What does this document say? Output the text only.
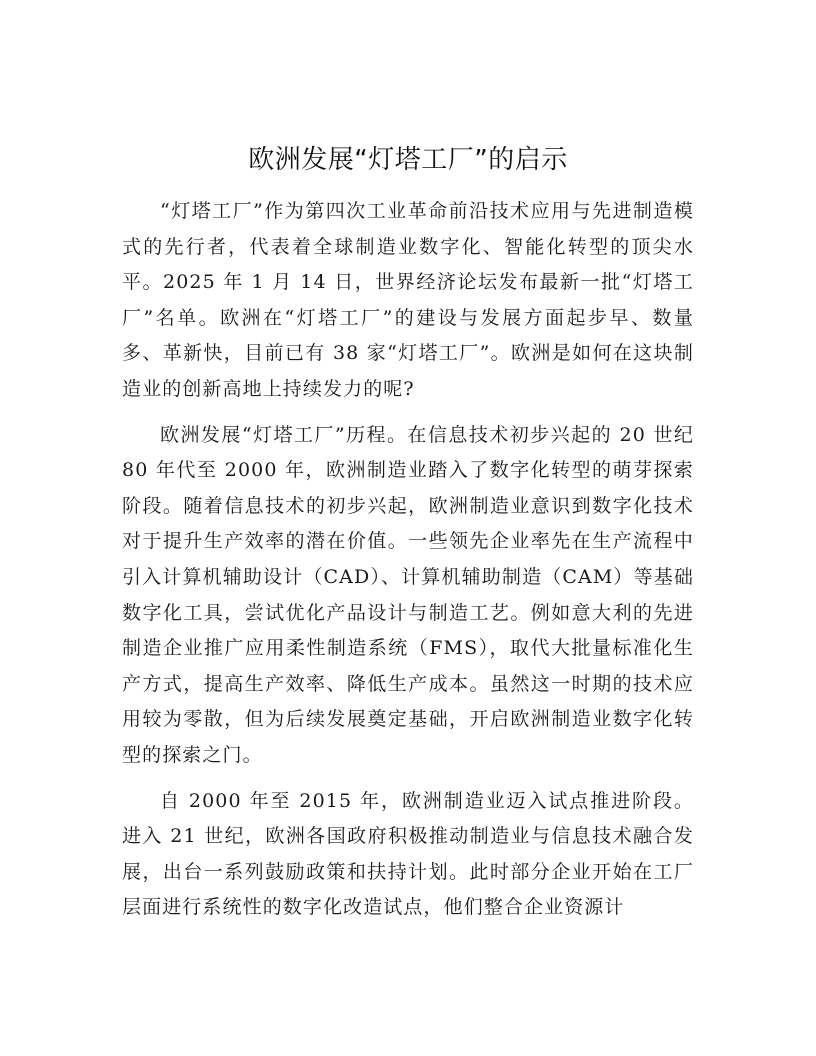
欧洲发展“灯塔工厂”的启示

“灯塔工厂”作为第四次工业革命前沿技术应用与先进制造模式的先行者，代表着全球制造业数字化、智能化转型的顶尖水平。2025 年 1 月 14 日，世界经济论坛发布最新一批“灯塔工厂”名单。欧洲在“灯塔工厂”的建设与发展方面起步早、数量多、革新快，目前已有 38 家“灯塔工厂”。欧洲是如何在这块制造业的创新高地上持续发力的呢?

欧洲发展“灯塔工厂”历程。在信息技术初步兴起的 20 世纪 80 年代至 2000 年，欧洲制造业踏入了数字化转型的萌芽探索阶段。随着信息技术的初步兴起，欧洲制造业意识到数字化技术对于提升生产效率的潜在价值。一些领先企业率先在生产流程中引入计算机辅助设计（CAD）、计算机辅助制造（CAM）等基础数字化工具，尝试优化产品设计与制造工艺。例如意大利的先进制造企业推广应用柔性制造系统（FMS），取代大批量标准化生产方式，提高生产效率、降低生产成本。虽然这一时期的技术应用较为零散，但为后续发展奠定基础，开启欧洲制造业数字化转型的探索之门。

自 2000 年至 2015 年，欧洲制造业迈入试点推进阶段。进入 21 世纪，欧洲各国政府积极推动制造业与信息技术融合发展，出台一系列鼓励政策和扶持计划。此时部分企业开始在工厂层面进行系统性的数字化改造试点，他们整合企业资源计
